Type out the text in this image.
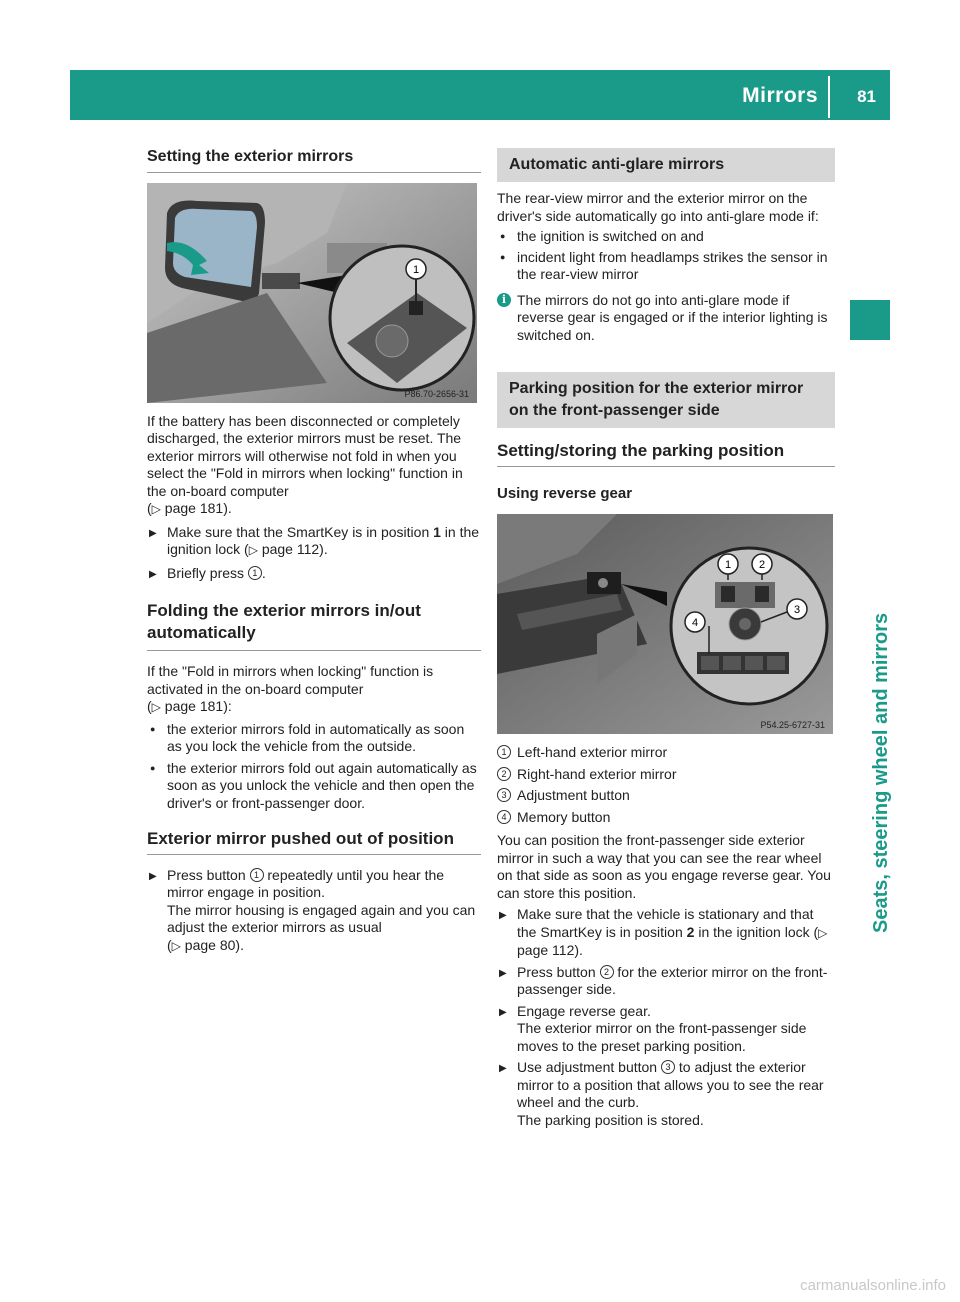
Mirrors 81
Seats, steering wheel and mirrors
Setting the exterior mirrors
1
P86.70-2656-31

If the battery has been disconnected or completely discharged, the exterior mirrors must be reset. The exterior mirrors will otherwise not fold in when you select the "Fold in mirrors when locking" function in the on-board computer
(▷ page 181).

▶ Make sure that the SmartKey is in position 1 in the ignition lock (▷ page 112).
▶ Briefly press 1 .
Folding the exterior mirrors in/out automatically

If the "Fold in mirrors when locking" function is activated in the on-board computer
(▷ page 181):

● the exterior mirrors fold in automatically as soon as you lock the vehicle from the outside.
● the exterior mirrors fold out again automatically as soon as you unlock the vehicle and then open the driver's or front-passenger door.
Exterior mirror pushed out of position
▶ Press button 1 repeatedly until you hear the mirror engage in position.
The mirror housing is engaged again and you can adjust the exterior mirrors as usual
(▷ page 80).
Automatic anti-glare mirrors

The rear-view mirror and the exterior mirror on the driver's side automatically go into anti-glare mode if:

● the ignition is switched on and
● incident light from headlamps strikes the sensor in the rear-view mirror
i The mirrors do not go into anti-glare mode if reverse gear is engaged or if the interior lighting is switched on.
Parking position for the exterior mirror on the front-passenger side
Setting/storing the parking position
Using reverse gear
1	2
3
4
P54.25-6727-31
1 Left-hand exterior mirror
2 Right-hand exterior mirror
3 Adjustment button
4 Memory button

You can position the front-passenger side exterior mirror in such a way that you can see the rear wheel on that side as soon as you engage reverse gear. You can store this position.

▶ Make sure that the vehicle is stationary and that the SmartKey is in position 2 in the ignition lock (▷ page 112).
▶ Press button 2 for the exterior mirror on the front-passenger side.
▶ Engage reverse gear.
The exterior mirror on the front-passenger side moves to the preset parking position.
▶ Use adjustment button 3 to adjust the exterior mirror to a position that allows you to see the rear wheel and the curb.
The parking position is stored.
carmanualsonline.info
